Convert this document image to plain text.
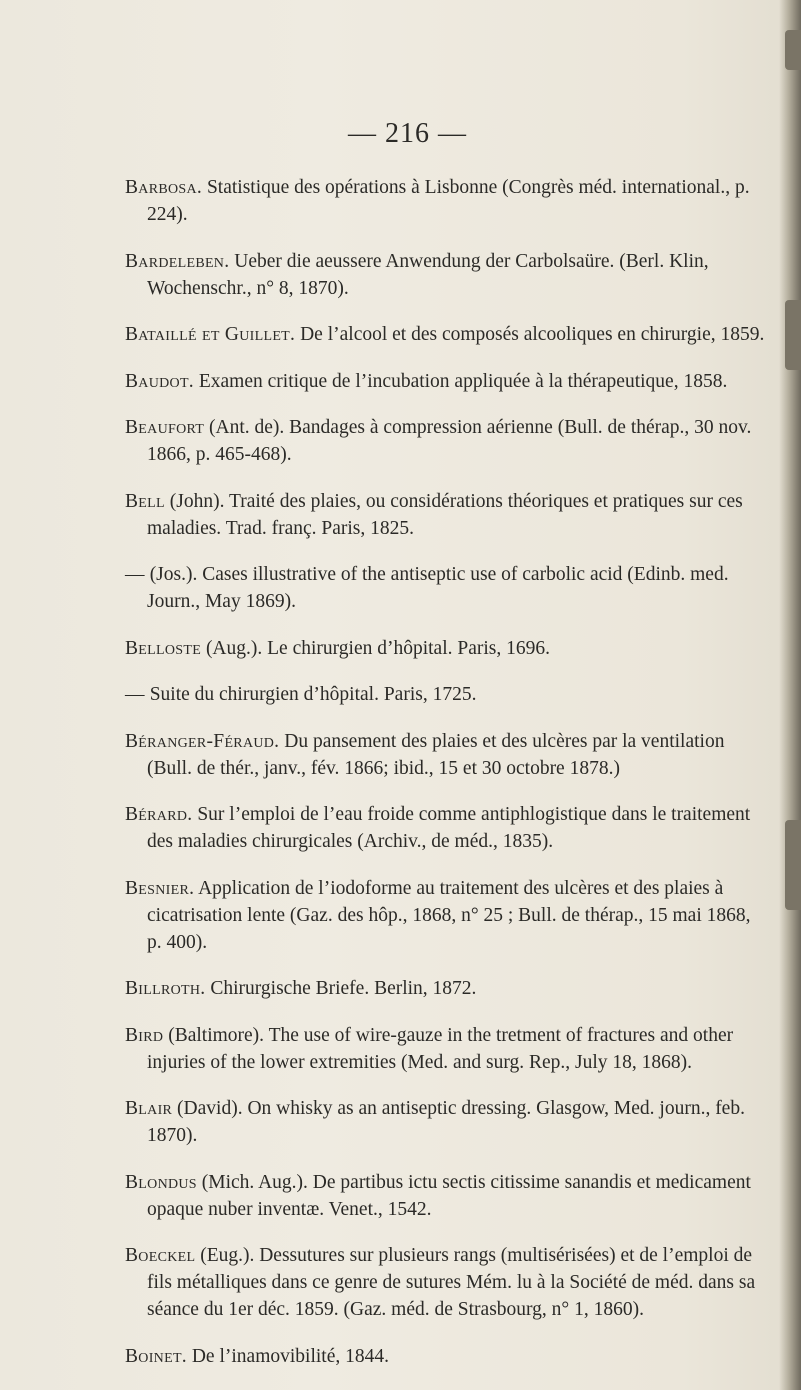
— 216 —

Barbosa. Statistique des opérations à Lisbonne (Congrès méd. international., p. 224).

Bardeleben. Ueber die aeussere Anwendung der Carbolsaüre. (Berl. Klin, Wochenschr., n° 8, 1870).

Bataillé et Guillet. De l’alcool et des composés alcooliques en chirurgie, 1859.

Baudot. Examen critique de l’incubation appliquée à la thérapeutique, 1858.

Beaufort (Ant. de). Bandages à compression aérienne (Bull. de thérap., 30 nov. 1866, p. 465-468).

Bell (John). Traité des plaies, ou considérations théoriques et pratiques sur ces maladies. Trad. franç. Paris, 1825.

— (Jos.). Cases illustrative of the antiseptic use of carbolic acid (Edinb. med. Journ., May 1869).

Belloste (Aug.). Le chirurgien d’hôpital. Paris, 1696.

— Suite du chirurgien d’hôpital. Paris, 1725.

Béranger-Féraud. Du pansement des plaies et des ulcères par la ventilation (Bull. de thér., janv., fév. 1866; ibid., 15 et 30 octobre 1878.)

Bérard. Sur l’emploi de l’eau froide comme antiphlogistique dans le traitement des maladies chirurgicales (Archiv., de méd., 1835).

Besnier. Application de l’iodoforme au traitement des ulcères et des plaies à cicatrisation lente (Gaz. des hôp., 1868, n° 25 ; Bull. de thérap., 15 mai 1868, p. 400).

Billroth. Chirurgische Briefe. Berlin, 1872.

Bird (Baltimore). The use of wire-gauze in the tretment of fractures and other injuries of the lower extremities (Med. and surg. Rep., July 18, 1868).

Blair (David). On whisky as an antiseptic dressing. Glasgow, Med. journ., feb. 1870).

Blondus (Mich. Aug.). De partibus ictu sectis citissime sanandis et medicament opaque nuber inventæ. Venet., 1542.

Boeckel (Eug.). Dessutures sur plusieurs rangs (multisérisées) et de l’emploi de fils métalliques dans ce genre de sutures Mém. lu à la Société de méd. dans sa séance du 1er déc. 1859. (Gaz. méd. de Strasbourg, n° 1, 1860).

Boinet. De l’inamovibilité, 1844.
